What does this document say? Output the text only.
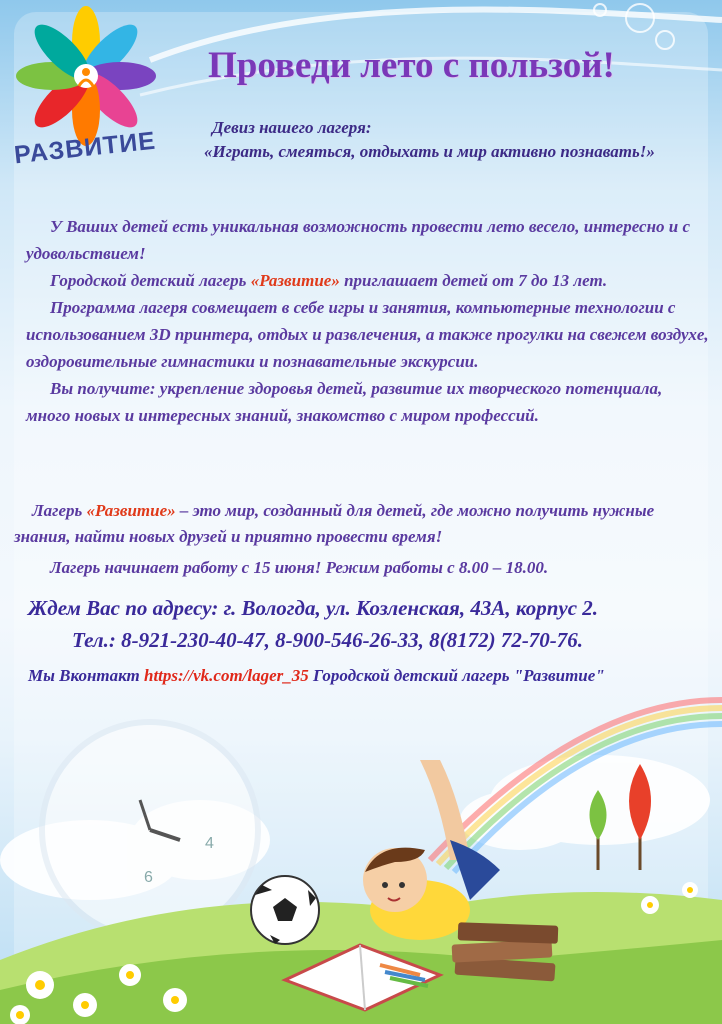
РАЗВИТИЕ
Проведи лето с пользой!
Девиз нашего лагеря:
«Играть, смеяться, отдыхать и мир активно познавать!»

У Ваших детей есть уникальная возможность провести лето весело, интересно и с удовольствием!

Городской детский лагерь «Развитие» приглашает детей от 7 до 13 лет.

Программа лагеря совмещает в себе игры и занятия, компьютерные технологии с использованием 3D принтера, отдых и развлечения, а также прогулки на свежем воздухе, оздоровительные гимнастики и познавательные экскурсии.

Вы получите: укрепление здоровья детей, развитие их творческого потенциала, много новых и интересных знаний, знакомство с миром профессий.

Лагерь «Развитие» – это мир, созданный для детей, где можно получить нужные знания, найти новых друзей и приятно провести время!
Лагерь начинает работу с 15 июня! Режим работы с 8.00 – 18.00.
Ждем Вас по адресу: г. Вологда, ул. Козленская, 43А, корпус 2.
Тел.: 8-921-230-40-47, 8-900-546-26-33, 8(8172) 72-70-76.
Мы Вконтакт https://vk.com/lager_35 Городской детский лагерь "Развитие"
6
4
